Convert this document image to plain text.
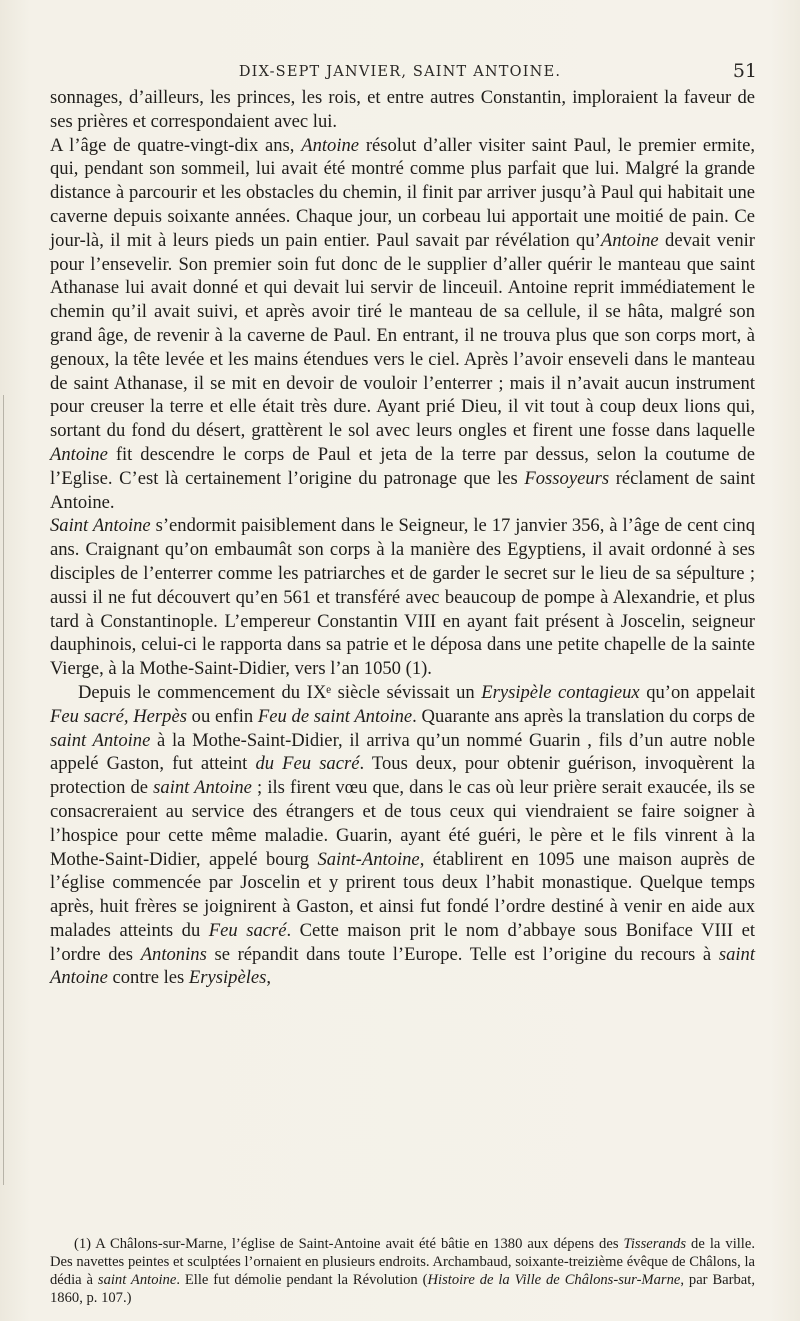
DIX-SEPT JANVIER, SAINT ANTOINE.	51

sonnages, d’ailleurs, les princes, les rois, et entre autres Constantin, imploraient la faveur de ses prières et correspondaient avec lui.

A l’âge de quatre-vingt-dix ans, Antoine résolut d’aller visiter saint Paul, le premier ermite, qui, pendant son sommeil, lui avait été montré comme plus parfait que lui. Malgré la grande distance à parcourir et les obstacles du chemin, il finit par arriver jusqu’à Paul qui habitait une caverne depuis soixante années. Chaque jour, un corbeau lui apportait une moitié de pain. Ce jour-là, il mit à leurs pieds un pain entier. Paul savait par révélation qu’Antoine devait venir pour l’ensevelir. Son premier soin fut donc de le supplier d’aller quérir le manteau que saint Athanase lui avait donné et qui devait lui servir de linceuil. Antoine reprit immédiatement le chemin qu’il avait suivi, et après avoir tiré le manteau de sa cellule, il se hâta, malgré son grand âge, de revenir à la caverne de Paul. En entrant, il ne trouva plus que son corps mort, à genoux, la tête levée et les mains étendues vers le ciel. Après l’avoir enseveli dans le manteau de saint Athanase, il se mit en devoir de vouloir l’enterrer ; mais il n’avait aucun instrument pour creuser la terre et elle était très dure. Ayant prié Dieu, il vit tout à coup deux lions qui, sortant du fond du désert, grattèrent le sol avec leurs ongles et firent une fosse dans laquelle Antoine fit descendre le corps de Paul et jeta de la terre par dessus, selon la coutume de l’Eglise. C’est là certainement l’origine du patronage que les Fossoyeurs réclament de saint Antoine.

Saint Antoine s’endormit paisiblement dans le Seigneur, le 17 janvier 356, à l’âge de cent cinq ans. Craignant qu’on embaumât son corps à la manière des Egyptiens, il avait ordonné à ses disciples de l’enterrer comme les patriarches et de garder le secret sur le lieu de sa sépulture ; aussi il ne fut découvert qu’en 561 et transféré avec beaucoup de pompe à Alexandrie, et plus tard à Constantinople. L’empereur Constantin VIII en ayant fait présent à Joscelin, seigneur dauphinois, celui-ci le rapporta dans sa patrie et le déposa dans une petite chapelle de la sainte Vierge, à la Mothe-Saint-Didier, vers l’an 1050 (1).

Depuis le commencement du IXᵉ siècle sévissait un Erysipèle contagieux qu’on appelait Feu sacré, Herpès ou enfin Feu de saint Antoine. Quarante ans après la translation du corps de saint Antoine à la Mothe-Saint-Didier, il arriva qu’un nommé Guarin , fils d’un autre noble appelé Gaston, fut atteint du Feu sacré. Tous deux, pour obtenir guérison, invoquèrent la protection de saint Antoine ; ils firent vœu que, dans le cas où leur prière serait exaucée, ils se consacreraient au service des étrangers et de tous ceux qui viendraient se faire soigner à l’hospice pour cette même maladie. Guarin, ayant été guéri, le père et le fils vinrent à la Mothe-Saint-Didier, appelé bourg Saint-Antoine, établirent en 1095 une maison auprès de l’église commencée par Joscelin et y prirent tous deux l’habit monastique. Quelque temps après, huit frères se joignirent à Gaston, et ainsi fut fondé l’ordre destiné à venir en aide aux malades atteints du Feu sacré. Cette maison prit le nom d’abbaye sous Boniface VIII et l’ordre des Antonins se répandit dans toute l’Europe. Telle est l’origine du recours à saint Antoine contre les Erysipèles,

(1) A Châlons-sur-Marne, l’église de Saint-Antoine avait été bâtie en 1380 aux dépens des Tisserands de la ville. Des navettes peintes et sculptées l’ornaient en plusieurs endroits. Archambaud, soixante-treizième évêque de Châlons, la dédia à saint Antoine. Elle fut démolie pendant la Révolution (Histoire de la Ville de Châlons-sur-Marne, par Barbat, 1860, p. 107.)
